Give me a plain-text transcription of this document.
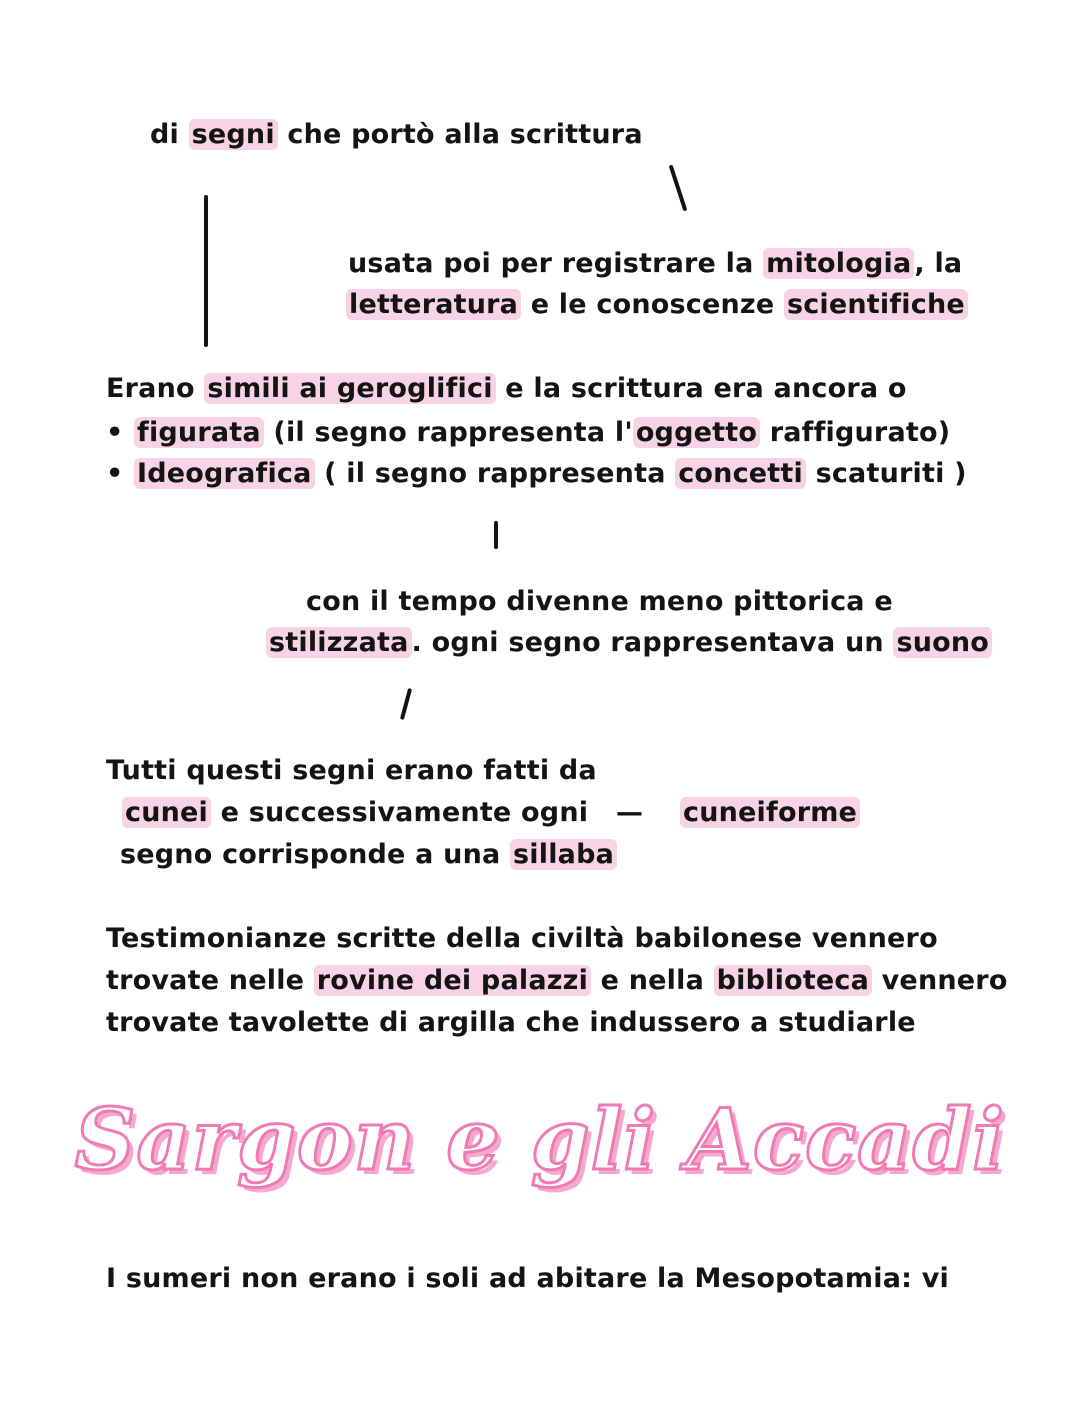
di segni che portò alla scrittura
usata poi per registrare la mitologia , la
letteratura e le conoscenze scientifiche
Erano simili ai geroglifici e la scrittura era ancora o
• figurata (il segno rappresenta l' oggetto raffigurato)
• Ideografica ( il segno rappresenta concetti scaturiti )
con il tempo divenne meno pittorica e
stilizzata . ogni segno rappresentava un suono
Tutti questi segni erano fatti da
cunei e successivamente ogni
segno corrisponde a una sillaba
— cuneiforme
Testimonianze scritte della civiltà babilonese vennero
trovate nelle rovine dei palazzi e nella biblioteca vennero
trovate tavolette di argilla che indussero a studiarle
Sargon e gli Accadi
I sumeri non erano i soli ad abitare la Mesopotamia: vi
